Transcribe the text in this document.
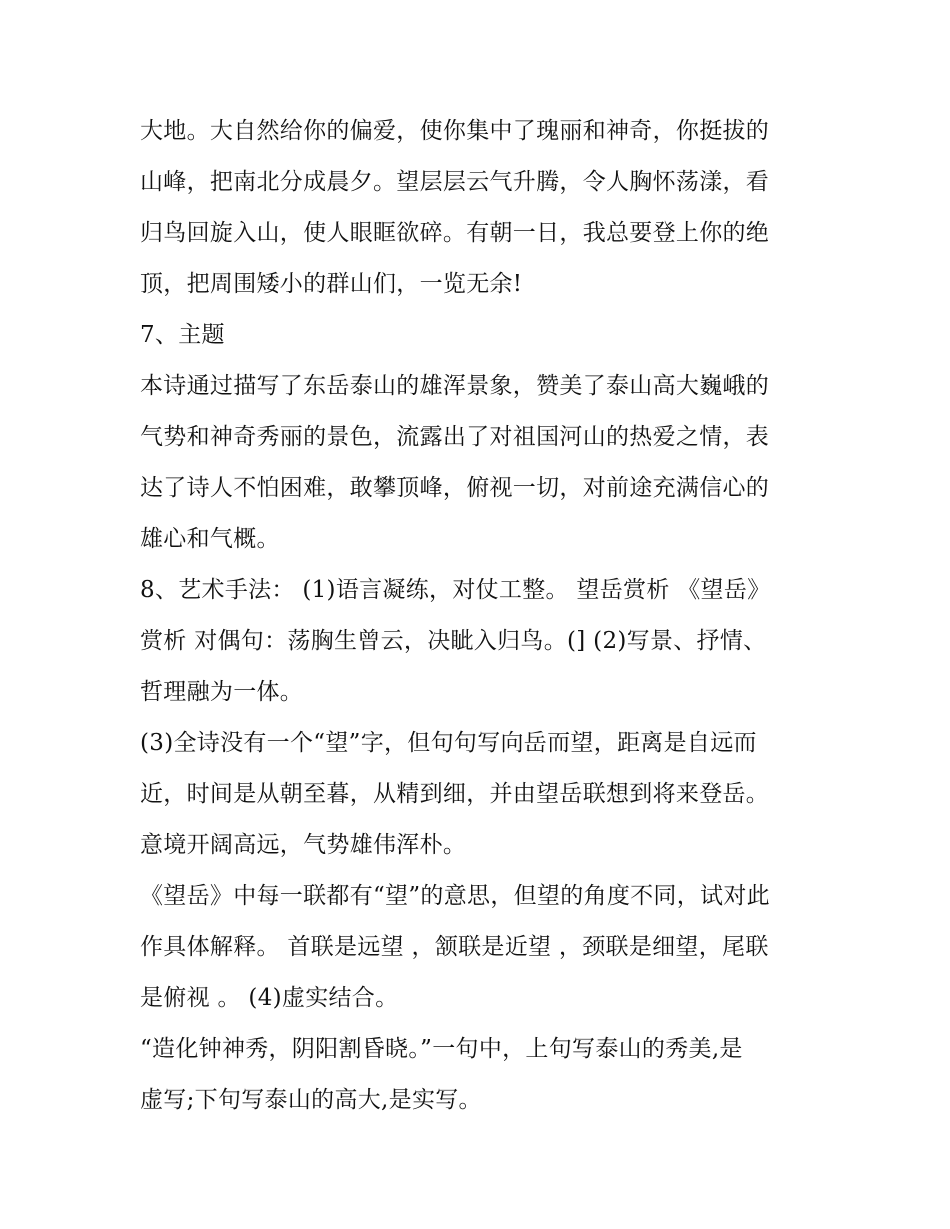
大地。大自然给你的偏爱，使你集中了瑰丽和神奇，你挺拔的
山峰，把南北分成晨夕。望层层云气升腾，令人胸怀荡漾，看
归鸟回旋入山，使人眼眶欲碎。有朝一日，我总要登上你的绝
顶，把周围矮小的群山们，一览无余!
7、主题
本诗通过描写了东岳泰山的雄浑景象，赞美了泰山高大巍峨的
气势和神奇秀丽的景色，流露出了对祖国河山的热爱之情，表
达了诗人不怕困难，敢攀顶峰，俯视一切，对前途充满信心的
雄心和气概。
8、艺术手法： (1)语言凝练，对仗工整。 望岳赏析 《望岳》
赏析 对偶句：荡胸生曾云，决眦入归鸟。(] (2)写景、抒情、
哲理融为一体。
(3)全诗没有一个“望”字，但句句写向岳而望，距离是自远而
近，时间是从朝至暮，从精到细，并由望岳联想到将来登岳。
意境开阔高远，气势雄伟浑朴。
《望岳》中每一联都有“望”的意思，但望的角度不同，试对此
作具体解释。 首联是远望 ，颔联是近望 ，颈联是细望，尾联
是俯视 。 (4)虚实结合。
“造化钟神秀，阴阳割昏晓。”一句中，上句写泰山的秀美,是
虚写;下句写泰山的高大,是实写。
